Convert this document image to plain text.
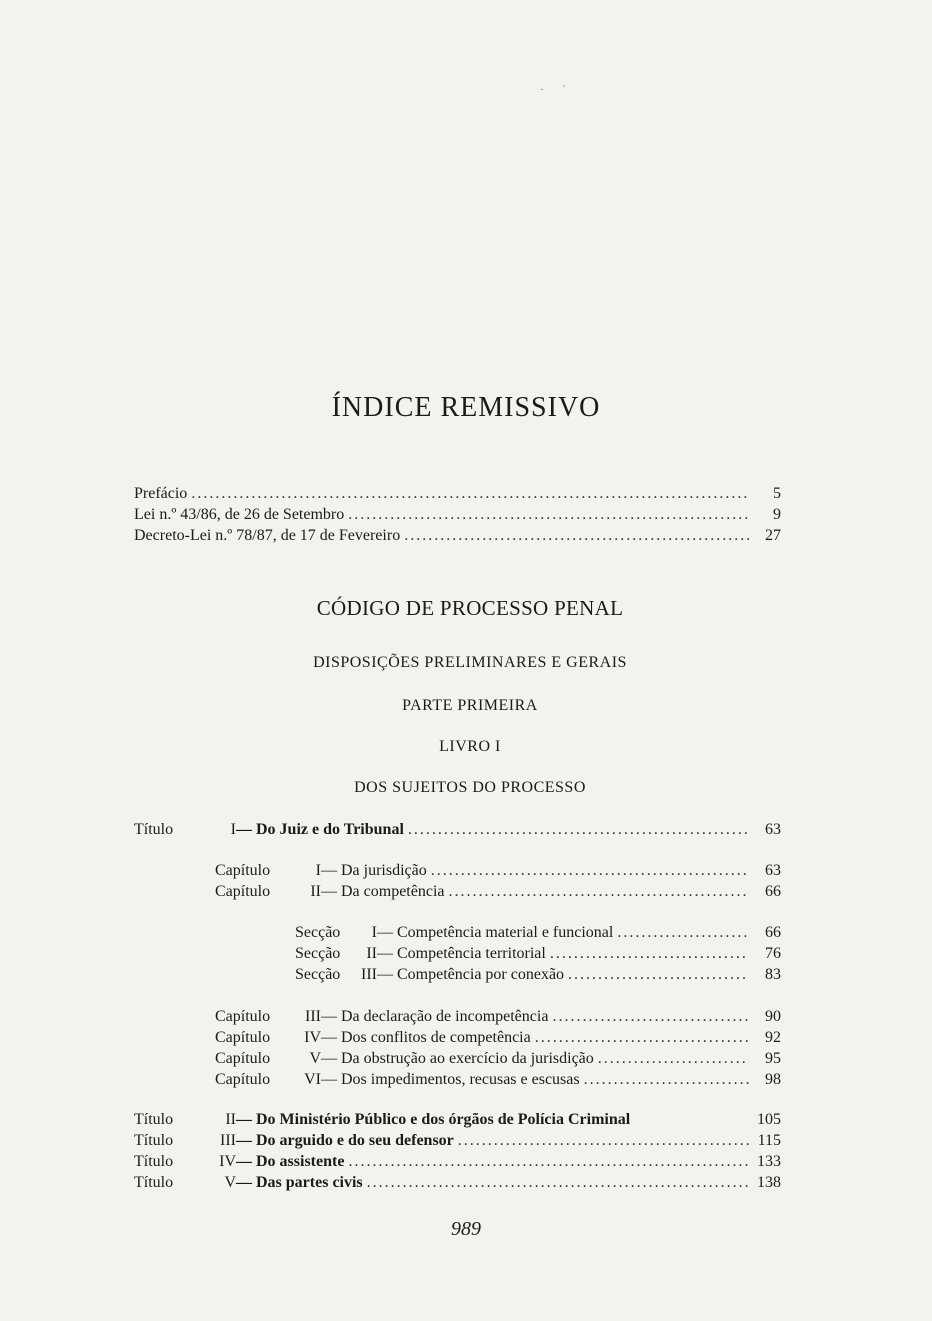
·      ˙
ÍNDICE REMISSIVO
Prefácio .....	5
Lei n.º 43/86, de 26 de Setembro .....	9
Decreto-Lei n.º 78/87, de 17 de Fevereiro .....	27
CÓDIGO DE PROCESSO PENAL
DISPOSIÇÕES PRELIMINARES E GERAIS
PARTE PRIMEIRA
LIVRO I
DOS SUJEITOS DO PROCESSO
Título	I — Do Juiz e do Tribunal .....	63
Capítulo	I — Da jurisdição .....	63
Capítulo	II — Da competência .....	66
Secção	I — Competência material e funcional .....	66
Secção	II — Competência territorial .....	76
Secção	III — Competência por conexão .....	83
Capítulo	III — Da declaração de incompetência .....	90
Capítulo	IV — Dos conflitos de competência .....	92
Capítulo	V — Da obstrução ao exercício da jurisdição .....	95
Capítulo	VI — Dos impedimentos, recusas e escusas .....	98
Título	II — Do Ministério Público e dos órgãos de Polícia Criminal	105
Título	III — Do arguido e do seu defensor .....	115
Título	IV — Do assistente .....	133
Título	V — Das partes civis .....	138
989
